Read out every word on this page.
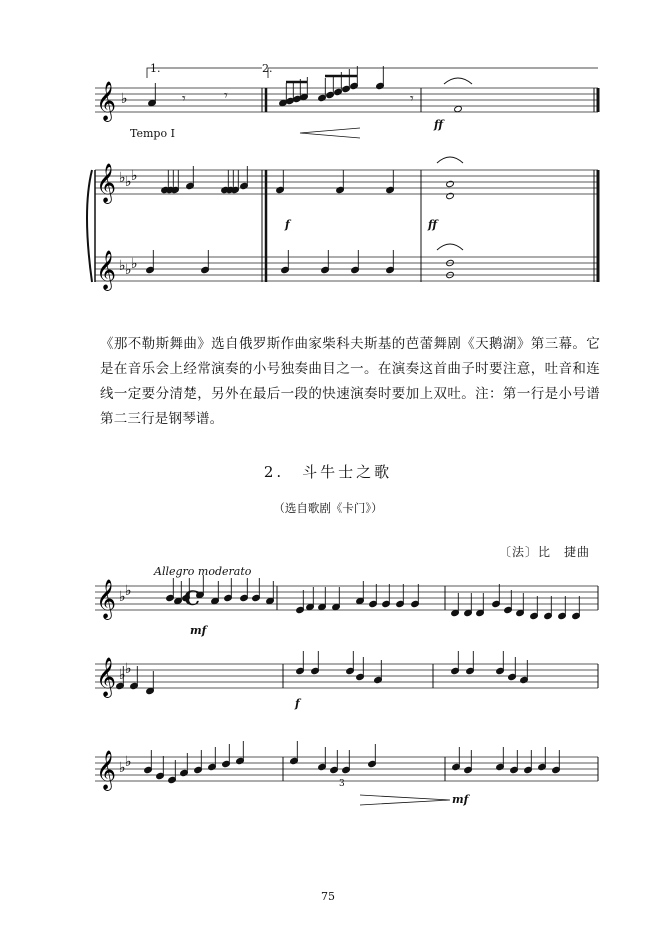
𝄞 ♭	𝄾	𝄾	𝄾
𝄞
𝄞
♭ ♭ ♭
♭ ♭ ♭
𝄞 ♭ ♭
𝄞 ♭ ♭
𝄞 ♭ ♭
Tempo I
2.
1.
ff
f	ff
《那不勒斯舞曲》选自俄罗斯作曲家柴科夫斯基的芭蕾舞剧《天鹅湖》第三幕。它是在音乐会上经常演奏的小号独奏曲目之一。在演奏这首曲子时要注意，吐音和连线一定要分清楚，另外在最后一段的快速演奏时要加上双吐。注：第一行是小号谱第二三行是钢琴谱。
2.　斗牛士之歌
（选自歌剧《卡门》）
〔法〕比　捷曲
Allegro moderato
mf
f
mf
3
C
75
